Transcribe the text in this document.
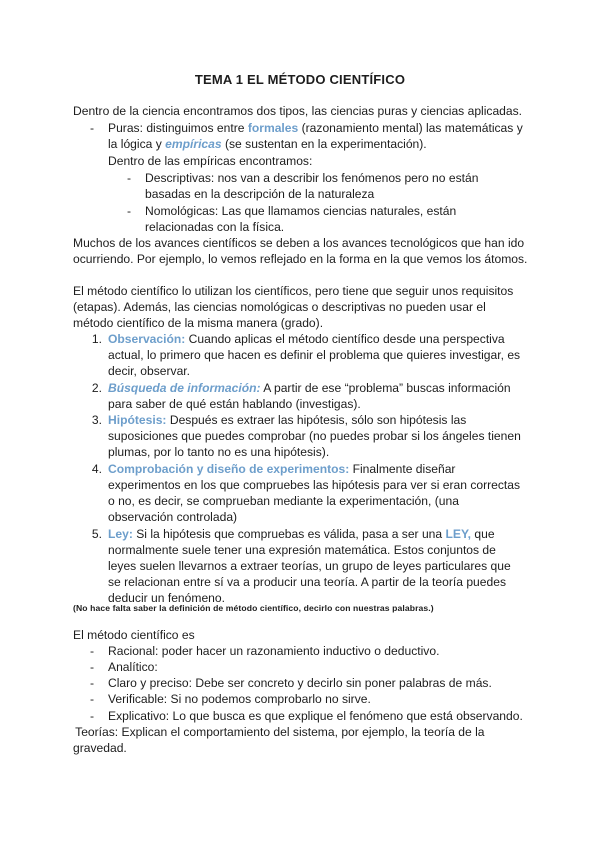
TEMA 1 EL MÉTODO CIENTÍFICO

Dentro de la ciencia encontramos dos tipos, las ciencias puras y ciencias aplicadas.

- Puras: distinguimos entre formales (razonamiento mental) las matemáticas y

la lógica y empíricas (se sustentan en la experimentación).

Dentro de las empíricas encontramos:

- Descriptivas: nos van a describir los fenómenos pero no están

basadas en la descripción de la naturaleza

- Nomológicas: Las que llamamos ciencias naturales, están

relacionadas con la física.

Muchos de los avances científicos se deben a los avances tecnológicos que han ido

ocurriendo. Por ejemplo, lo vemos reflejado en la forma en la que vemos los átomos.

El método científico lo utilizan los científicos, pero tiene que seguir unos requisitos

(etapas). Además, las ciencias nomológicas o descriptivas no pueden usar el

método científico de la misma manera (grado).

1. Observación: Cuando aplicas el método científico desde una perspectiva

actual, lo primero que hacen es definir el problema que quieres investigar, es

decir, observar.

2. Búsqueda de información: A partir de ese “problema” buscas información

para saber de qué están hablando (investigas).

3. Hipótesis: Después es extraer las hipótesis, sólo son hipótesis las

suposiciones que puedes comprobar (no puedes probar si los ángeles tienen

plumas, por lo tanto no es una hipótesis).

4. Comprobación y diseño de experimentos: Finalmente diseñar

experimentos en los que compruebes las hipótesis para ver si eran correctas

o no, es decir, se comprueban mediante la experimentación, (una

observación controlada)

5. Ley: Si la hipótesis que compruebas es válida, pasa a ser una LEY, que

normalmente suele tener una expresión matemática. Estos conjuntos de

leyes suelen llevarnos a extraer teorías, un grupo de leyes particulares que

se relacionan entre sí va a producir una teoría. A partir de la teoría puedes

deducir un fenómeno.

(No hace falta saber la definición de método científico, decirlo con nuestras palabras.)

El método científico es

- Racional: poder hacer un razonamiento inductivo o deductivo.

- Analítico:

- Claro y preciso: Debe ser concreto y decirlo sin poner palabras de más.

- Verificable: Si no podemos comprobarlo no sirve.

- Explicativo: Lo que busca es que explique el fenómeno que está observando.

Teorías: Explican el comportamiento del sistema, por ejemplo, la teoría de la

gravedad.
